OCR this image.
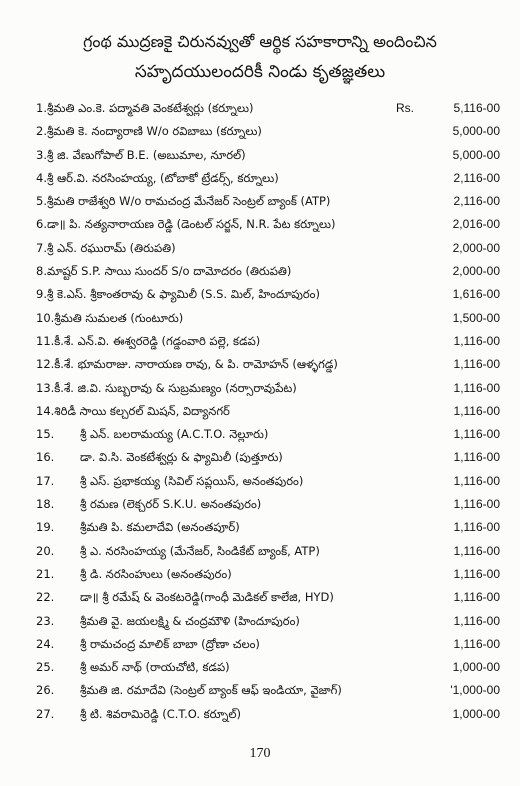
గ్రంథ ముద్రణకై చిరునవ్వుతో ఆర్థిక సహకారాన్ని అందించిన
సహృదయులందరికీ నిండు కృతజ్ఞతలు
1.శ్రీమతి ఎం.కె. పద్మావతి వెంకటేశ్వర్లు (కర్నూలు)	Rs.	5,116-00
2.శ్రీమతి కె. నంద్యారాణి W/o రవిబాబు (కర్నూలు)	5,000-00
3.శ్రీ జి. వేణుగోపాల్ B.E. (అబుమాల, నూరల్)	5,000-00
4.శ్రీ ఆర్.వి. నరసింహయ్య, (టోబాకో ట్రేడర్స్, కర్నూలు)	2,116-00
5.శ్రీమతి రాజేశ్వరి W/o రామచంద్ర మేనేజర్ సెంట్రల్ బ్యాంక్ (ATP)	2,116-00
6.డా॥ పి. నత్యనారాయణ రెడ్డి (డెంటల్ సర్జన్, N.R. పేట కర్నూలు)	2,016-00
7.శ్రీ ఎన్. రఘురామ్ (తిరుపతి)	2,000-00
8.మాష్టర్ S.P. సాయి సుందర్ S/o దామోదరం (తిరుపతి)	2,000-00
9.శ్రీ కె.ఎస్. శ్రీకాంతరావు & ఫ్యామిలీ (S.S. మిల్, హిందూపురం)	1,616-00
10.శ్రీమతి సుమలత (గుంటూరు)	1,500-00
11.కీ.శే. ఎన్.వి. ఈశ్వరరెడ్డి (గడ్డంవారి పల్లె, కడప)	1,116-00
12.కీ.శే. భూమరాజు. నారాయణ రావు, & పి. రామోహన్ (ఆళ్ళగడ్డ)	1,116-00
13.కీ.శే. జి.వి. సుబ్బరావు & సుబ్రమణ్యం (నర్సారావుపేట)	1,116-00
14.శిరిడీ సాయి కల్చరల్ మిషన్, విద్యానగర్	1,116-00
15. శ్రీ ఎన్. బలరామయ్య (A.C.T.O. నెల్లూరు)	1,116-00
16. డా. వి.సి. వెంకటేశ్వర్లు & ఫ్యామిలీ (పుత్తూరు)	1,116-00
17. శ్రీ ఎస్. ప్రభాకయ్య (సివిల్ సప్లయిస్, అనంతపురం)	1,116-00
18. శ్రీ రమణ (లెక్చరర్ S.K.U. అనంతపురం)	1,116-00
19. శ్రీమతి పి. కమలాదేవి (అనంతపూర్)	1,116-00
20. శ్రీ ఎ. నరసింహయ్య (మేనేజర్, సిండికేట్ బ్యాంక్, ATP)	1,116-00
21. శ్రీ డి. నరసింహులు (అనంతపురం)	1,116-00
22. డా॥ శ్రీ రమేష్ & వెంకటరెడ్డి(గాంధీ మెడికల్ కాలేజి, HYD)	1,116-00
23. శ్రీమతి వై. జయలక్ష్మి & చంద్రమౌళి (హిందూపురం)	1,116-00
24. శ్రీ రామచంద్ర మాలిక్ బాబా (ద్రోణా చలం)	1,116-00
25. శ్రీ అమర్ నాథ్ (రాయచోటి, కడప)	1,000-00
26. శ్రీమతి జి. రమాదేవి (సెంట్రల్ బ్యాంక్ ఆఫ్ ఇండియా, వైజాగ్)	'1,000-00
27. శ్రీ టి. శివరామిరెడ్డి (C.T.O. కర్నూల్)	1,000-00
170
